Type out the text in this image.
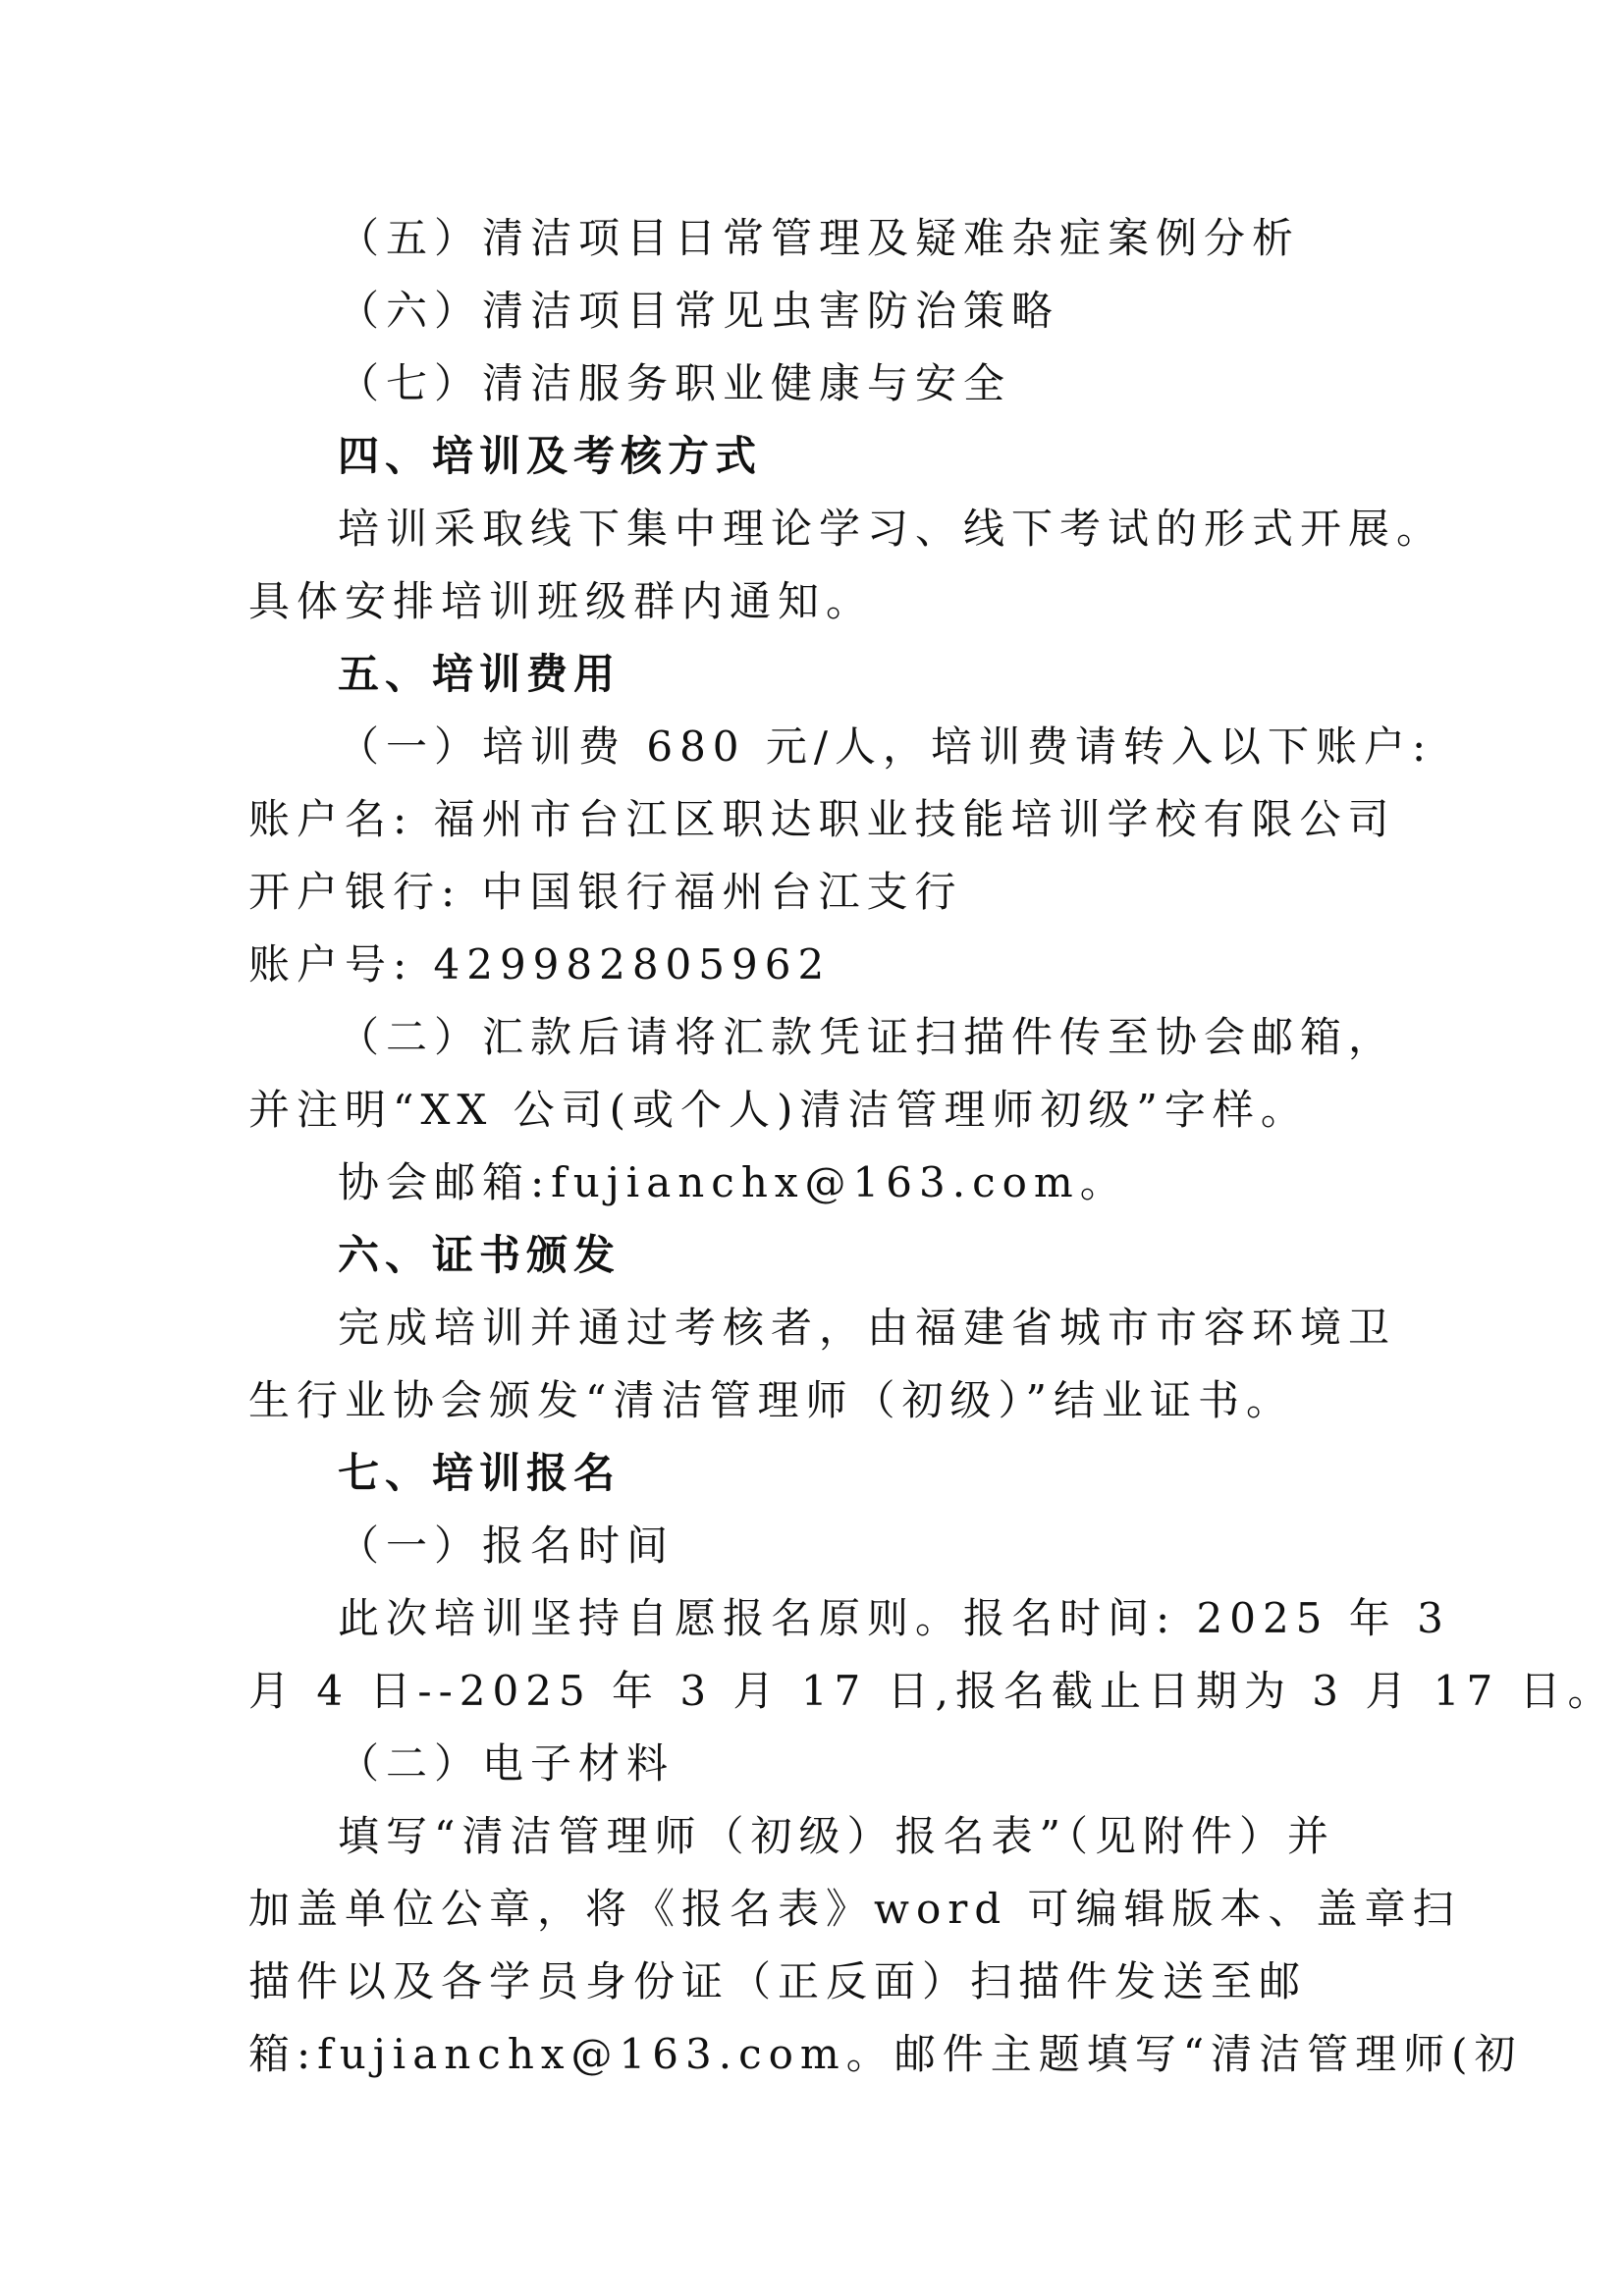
（五）清洁项目日常管理及疑难杂症案例分析
（六）清洁项目常见虫害防治策略
（七）清洁服务职业健康与安全
四、培训及考核方式
培训采取线下集中理论学习、线下考试的形式开展。
具体安排培训班级群内通知。
五、培训费用
（一）培训费 680 元/人，培训费请转入以下账户:
账户名: 福州市台江区职达职业技能培训学校有限公司
开户银行: 中国银行福州台江支行
账户号: 429982805962
（二）汇款后请将汇款凭证扫描件传至协会邮箱，
并注明“XX 公司(或个人)清洁管理师初级”字样。
协会邮箱:fujianchx@163.com。
六、证书颁发
完成培训并通过考核者，由福建省城市市容环境卫
生行业协会颁发“清洁管理师（初级）”结业证书。
七、培训报名
（一）报名时间
此次培训坚持自愿报名原则。报名时间: 2025 年 3
月 4 日--2025 年 3 月 17 日,报名截止日期为 3 月 17 日。
（二）电子材料
填写“清洁管理师（初级）报名表”（见附件）并
加盖单位公章，将《报名表》word 可编辑版本、盖章扫
描件以及各学员身份证（正反面）扫描件发送至邮
箱:fujianchx@163.com。邮件主题填写“清洁管理师(初
